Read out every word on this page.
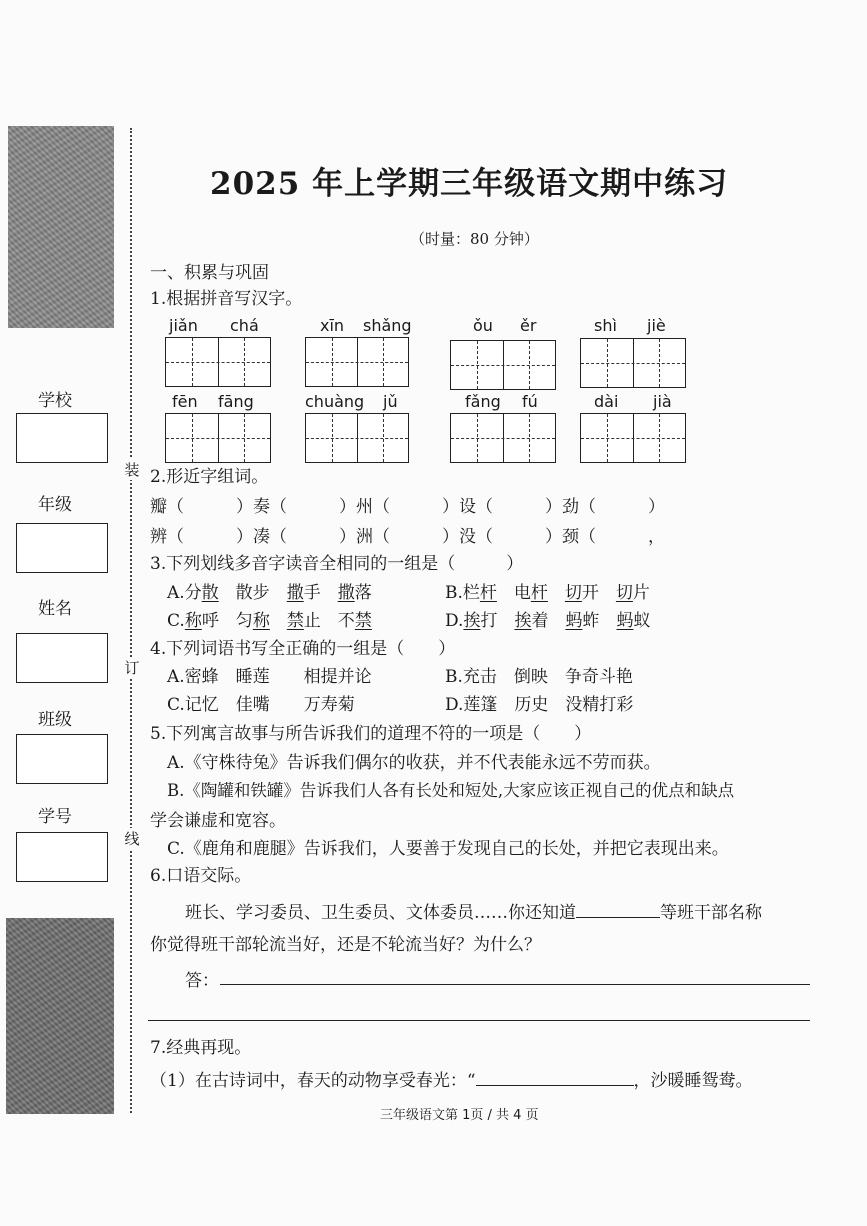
学校
年级
姓名
班级
学号
装
订
线
2025 年上学期三年级语文期中练习
（时量：80 分钟）
一、积累与巩固
1.根据拼音写汉字。
jiǎn chá	xīn shǎng	ǒu ěr	shì jiè
fēn fāng	chuàng jǔ	fǎng fú	dài jià
2.形近字组词。
瓣（	）奏（	）州（	）设（	）劲（	）
辨（	）凑（	）洲（	）没（	）颈（	，
3.下列划线多音字读音全相同的一组是（　　　）
A.分散　散步　撒手　撒落	B.栏杆　电杆　 切开　切片
C.称呼　匀称　 禁止　不禁	D.挨打　挨着　蚂蚱　蚂蚁
4.下列词语书写全正确的一组是（　　）
A.密蜂　睡莲　　相提并论	B.充击　倒映　争奇斗艳
C.记忆　佳嘴　　万寿菊	D.莲篷　历史　没精打彩
5.下列寓言故事与所告诉我们的道理不符的一项是（　　）
A.《守株待兔》告诉我们偶尔的收获，并不代表能永远不劳而获。
B.《陶罐和铁罐》告诉我们人各有长处和短处,大家应该正视自己的优点和缺点
学会谦虚和宽容。
C.《鹿角和鹿腿》告诉我们，人要善于发现自己的长处，并把它表现出来。
6.口语交际。
班长、学习委员、卫生委员、文体委员……你还知道	等班干部名称
你觉得班干部轮流当好，还是不轮流当好？为什么？
答：
7.经典再现。
（1）在古诗词中，春天的动物享受春光：“	，沙暖睡鸳鸯。
三年级语文第 1页 / 共 4 页
